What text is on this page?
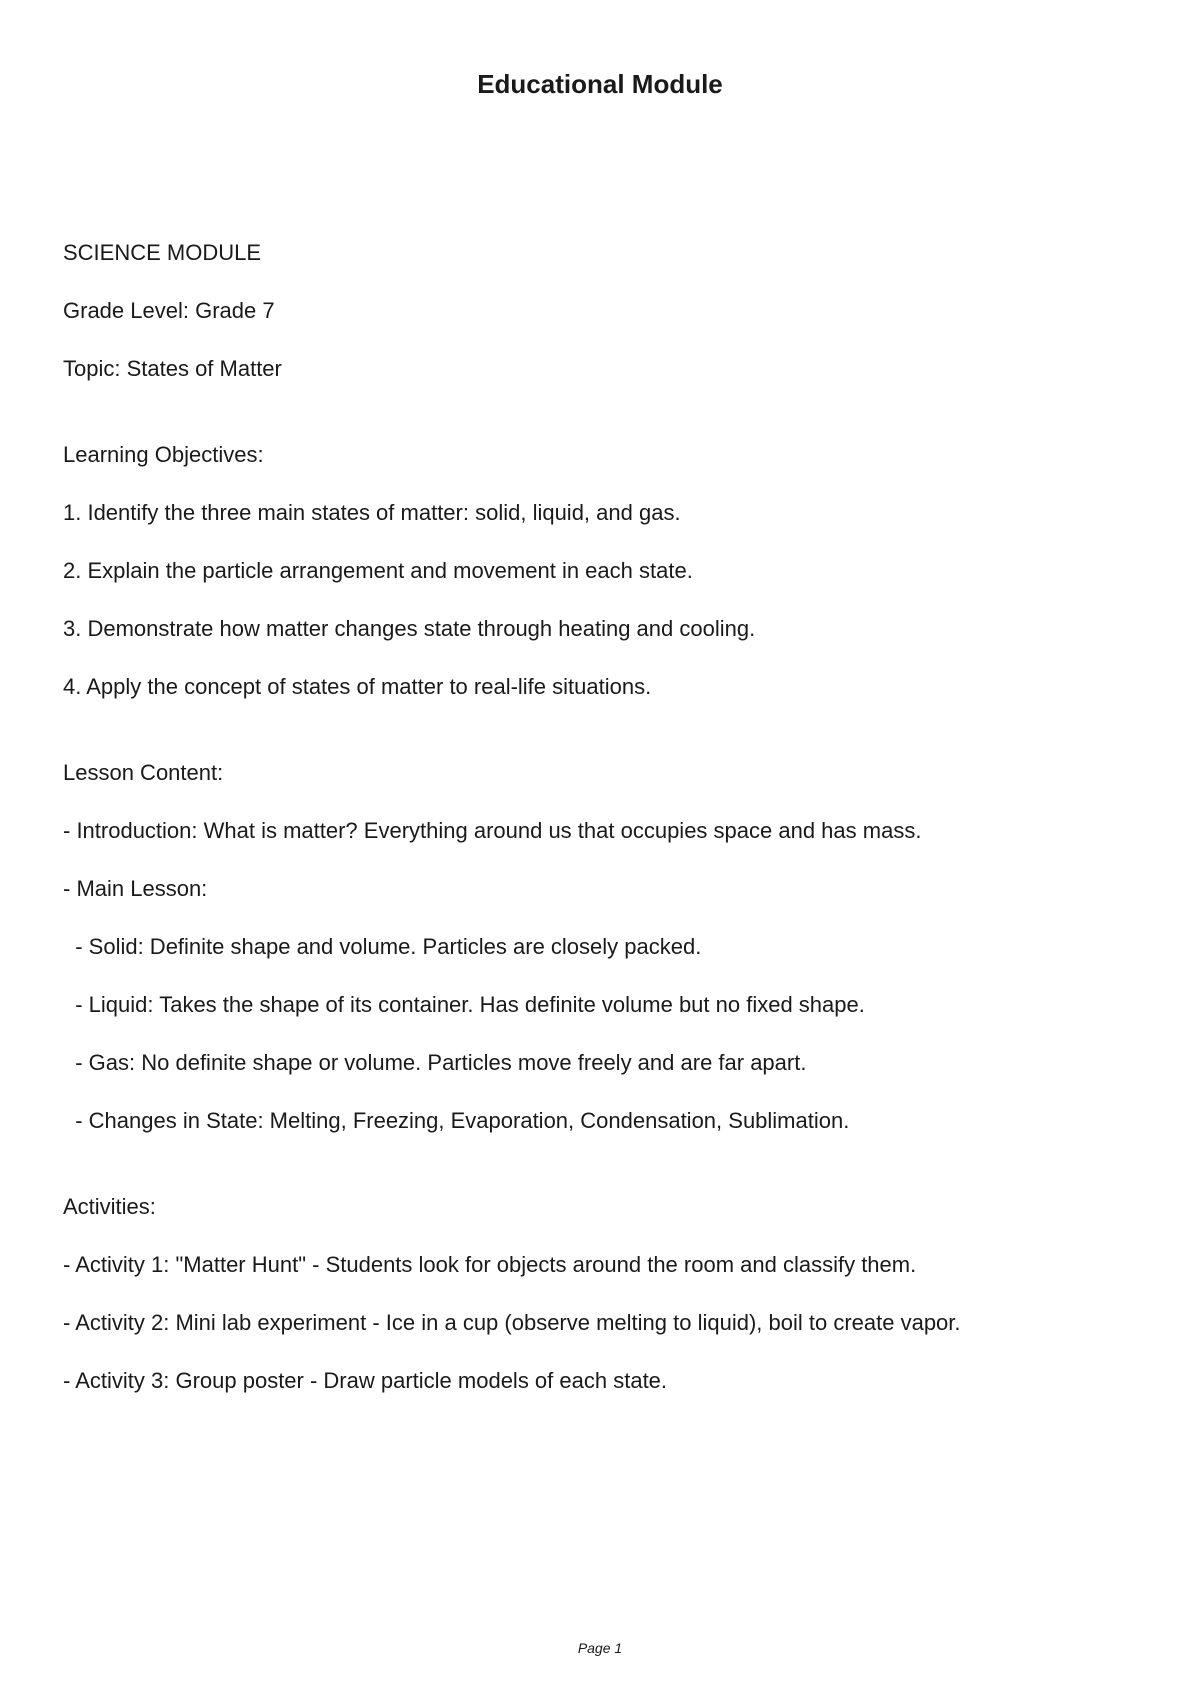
Educational Module
SCIENCE MODULE
Grade Level: Grade 7
Topic: States of Matter
Learning Objectives:
1. Identify the three main states of matter: solid, liquid, and gas.
2. Explain the particle arrangement and movement in each state.
3. Demonstrate how matter changes state through heating and cooling.
4. Apply the concept of states of matter to real-life situations.
Lesson Content:
- Introduction: What is matter? Everything around us that occupies space and has mass.
- Main Lesson:
- Solid: Definite shape and volume. Particles are closely packed.
- Liquid: Takes the shape of its container. Has definite volume but no fixed shape.
- Gas: No definite shape or volume. Particles move freely and are far apart.
- Changes in State: Melting, Freezing, Evaporation, Condensation, Sublimation.
Activities:
- Activity 1: "Matter Hunt" - Students look for objects around the room and classify them.
- Activity 2: Mini lab experiment - Ice in a cup (observe melting to liquid), boil to create vapor.
- Activity 3: Group poster - Draw particle models of each state.
Page 1
